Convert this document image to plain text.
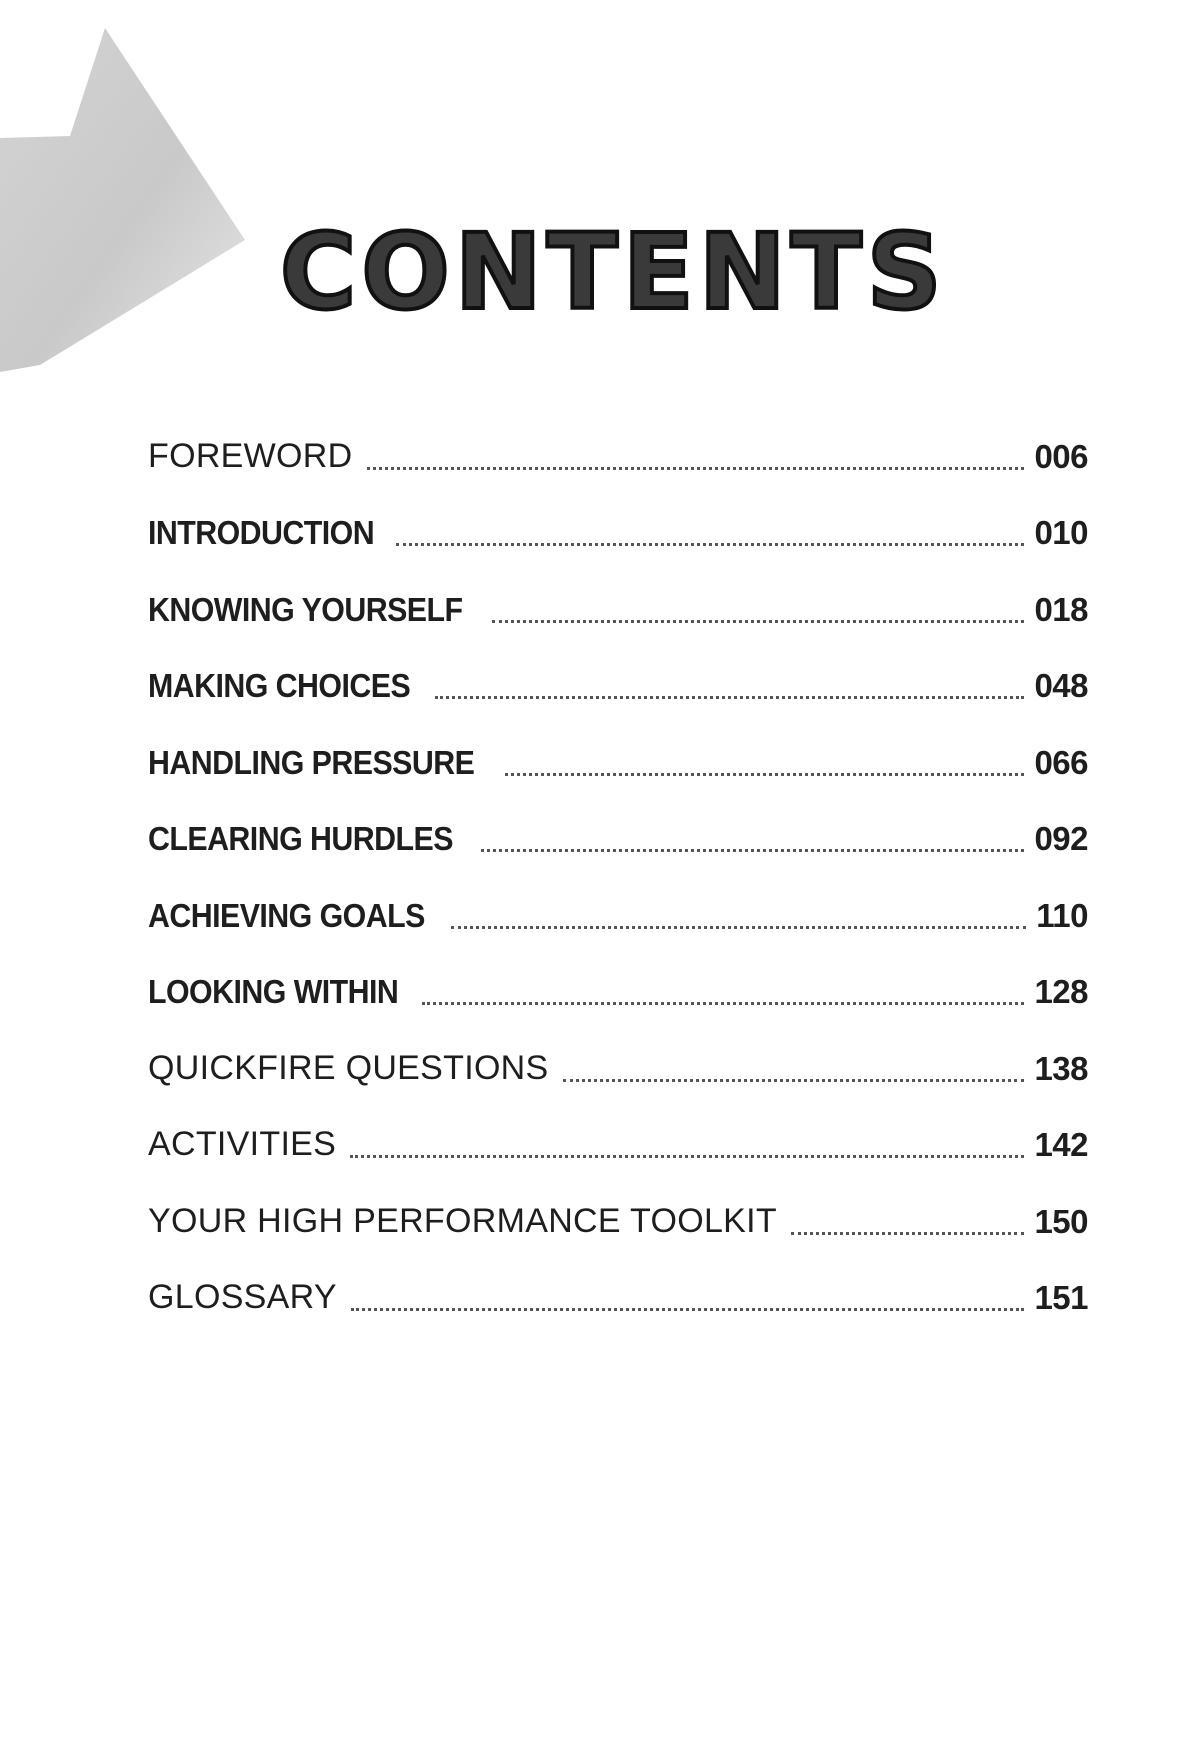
CONTENTS
FOREWORD	006
INTRODUCTION	010
KNOWING YOURSELF	018
MAKING CHOICES	048
HANDLING PRESSURE	066
CLEARING HURDLES	092
ACHIEVING GOALS	110
LOOKING WITHIN	128
QUICKFIRE QUESTIONS	138
ACTIVITIES	142
YOUR HIGH PERFORMANCE TOOLKIT	150
GLOSSARY	151
